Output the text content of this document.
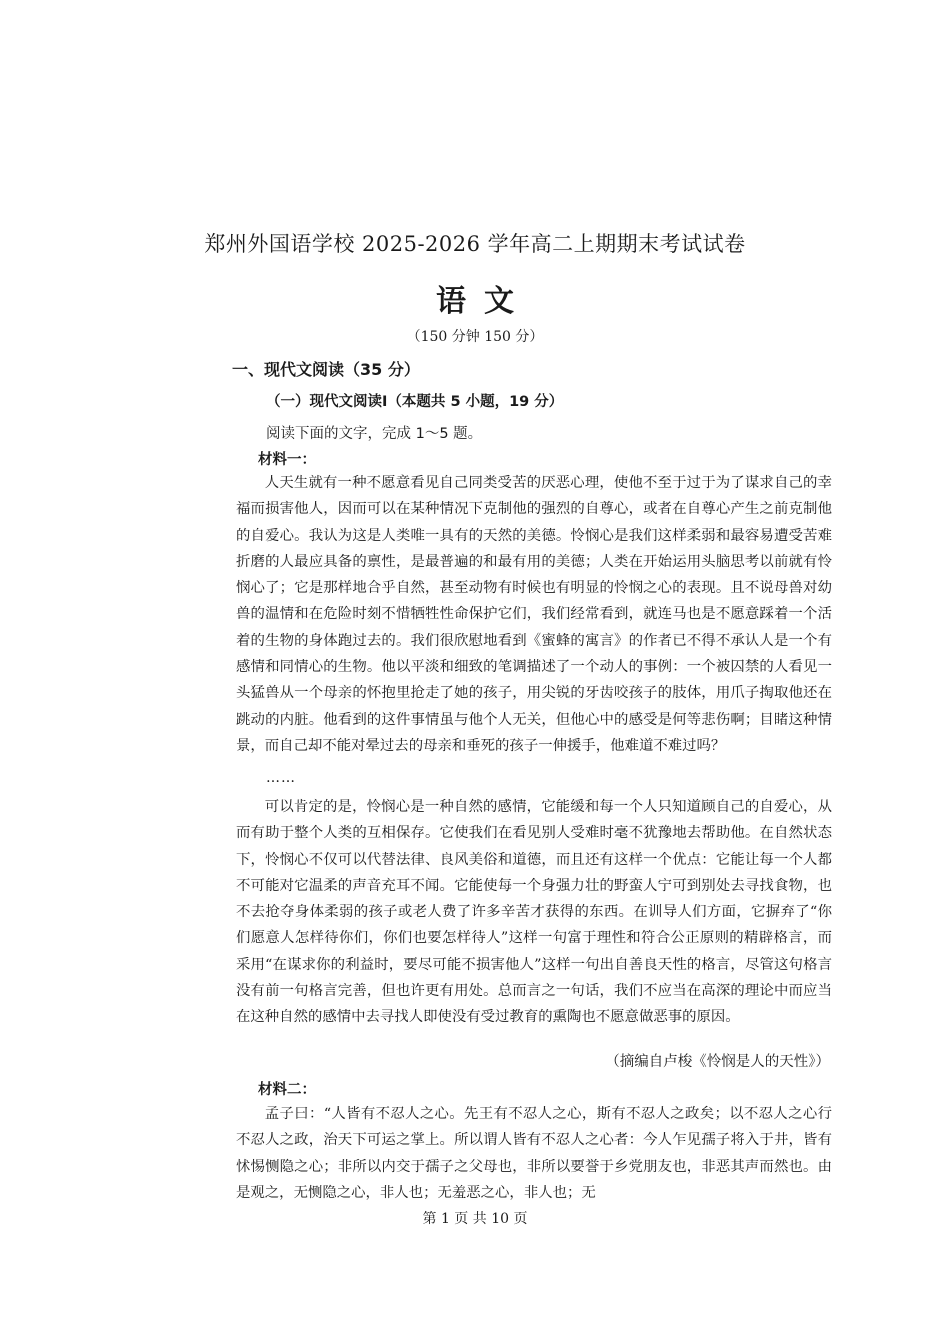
郑州外国语学校 2025-2026 学年高二上期期末考试试卷
语文
（150 分钟 150 分）
一、现代文阅读（35 分）
（一）现代文阅读Ⅰ（本题共 5 小题，19 分）
阅读下面的文字，完成 1～5 题。
材料一：

人天生就有一种不愿意看见自己同类受苦的厌恶心理，使他不至于过于为了谋求自己的幸福而损害他人，因而可以在某种情况下克制他的强烈的自尊心，或者在自尊心产生之前克制他的自爱心。我认为这是人类唯一具有的天然的美德。怜悯心是我们这样柔弱和最容易遭受苦难折磨的人最应具备的禀性，是最普遍的和最有用的美德；人类在开始运用头脑思考以前就有怜悯心了；它是那样地合乎自然，甚至动物有时候也有明显的怜悯之心的表现。且不说母兽对幼兽的温情和在危险时刻不惜牺牲性命保护它们，我们经常看到，就连马也是不愿意踩着一个活着的生物的身体跑过去的。我们很欣慰地看到《蜜蜂的寓言》的作者已不得不承认人是一个有感情和同情心的生物。他以平淡和细致的笔调描述了一个动人的事例：一个被囚禁的人看见一头猛兽从一个母亲的怀抱里抢走了她的孩子，用尖锐的牙齿咬孩子的肢体，用爪子掏取他还在跳动的内脏。他看到的这件事情虽与他个人无关，但他心中的感受是何等悲伤啊；目睹这种情景，而自己却不能对晕过去的母亲和垂死的孩子一伸援手，他难道不难过吗？

……

可以肯定的是，怜悯心是一种自然的感情，它能缓和每一个人只知道顾自己的自爱心，从而有助于整个人类的互相保存。它使我们在看见别人受难时毫不犹豫地去帮助他。在自然状态下，怜悯心不仅可以代替法律、良风美俗和道德，而且还有这样一个优点：它能让每一个人都不可能对它温柔的声音充耳不闻。它能使每一个身强力壮的野蛮人宁可到别处去寻找食物，也不去抢夺身体柔弱的孩子或老人费了许多辛苦才获得的东西。在训导人们方面，它摒弃了“你们愿意人怎样待你们，你们也要怎样待人”这样一句富于理性和符合公正原则的精辟格言，而采用“在谋求你的利益时，要尽可能不损害他人”这样一句出自善良天性的格言，尽管这句格言没有前一句格言完善，但也许更有用处。总而言之一句话，我们不应当在高深的理论中而应当在这种自然的感情中去寻找人即使没有受过教育的熏陶也不愿意做恶事的原因。

（摘编自卢梭《怜悯是人的天性》）
材料二：

孟子曰：“人皆有不忍人之心。先王有不忍人之心，斯有不忍人之政矣；以不忍人之心行不忍人之政，治天下可运之掌上。所以谓人皆有不忍人之心者：今人乍见孺子将入于井，皆有怵惕恻隐之心；非所以内交于孺子之父母也，非所以要誉于乡党朋友也，非恶其声而然也。由是观之，无恻隐之心，非人也；无羞恶之心，非人也；无

第 1 页 共 10 页
